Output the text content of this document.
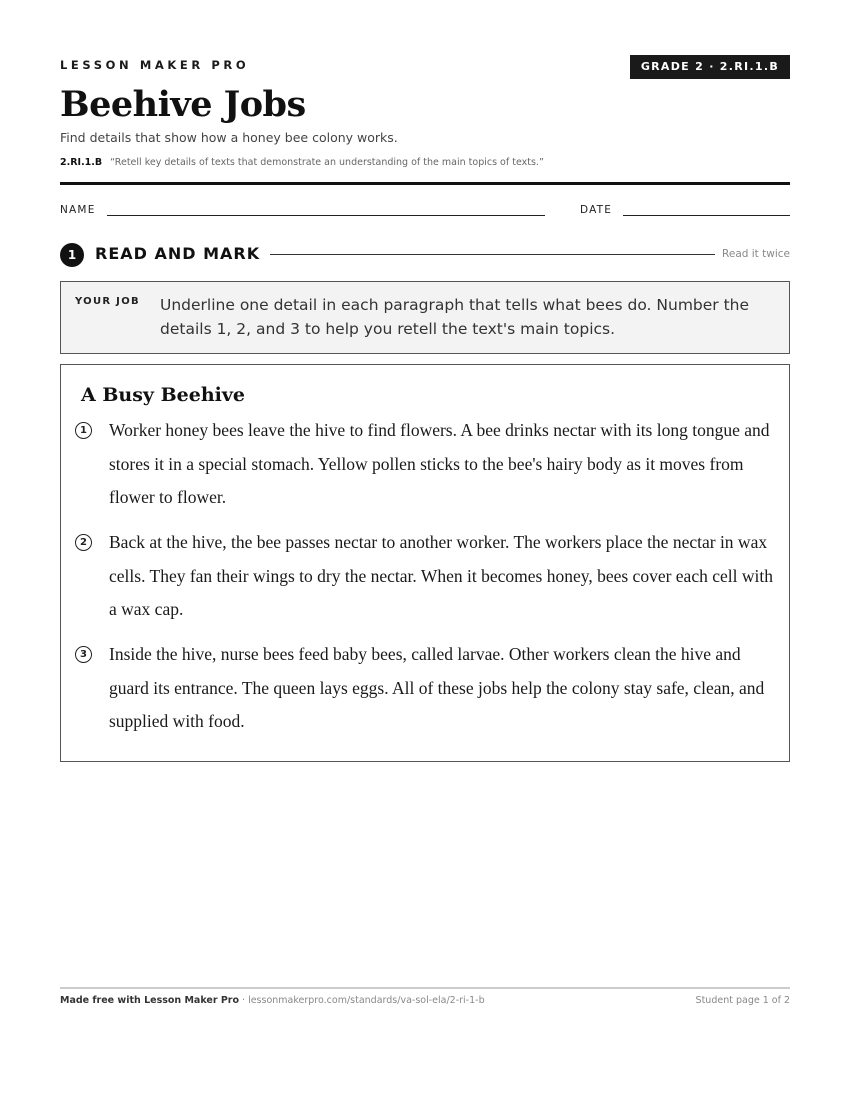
LESSON MAKER PRO	GRADE 2 · 2.RI.1.B
Beehive Jobs
Find details that show how a honey bee colony works.
2.RI.1.B “Retell key details of texts that demonstrate an understanding of the main topics of texts.”
NAME	DATE
1	READ AND MARK	Read it twice
YOUR JOB Underline one detail in each paragraph that tells what bees do. Number the details 1, 2, and 3 to help you retell the text's main topics.
A Busy Beehive
1 Worker honey bees leave the hive to find flowers. A bee drinks nectar with its long tongue and stores it in a special stomach. Yellow pollen sticks to the bee's hairy body as it moves from flower to flower.
2 Back at the hive, the bee passes nectar to another worker. The workers place the nectar in wax cells. They fan their wings to dry the nectar. When it becomes honey, bees cover each cell with a wax cap.
3 Inside the hive, nurse bees feed baby bees, called larvae. Other workers clean the hive and guard its entrance. The queen lays eggs. All of these jobs help the colony stay safe, clean, and supplied with food.
Made free with Lesson Maker Pro · lessonmakerpro.com/standards/va-sol-ela/2-ri-1-b	Student page 1 of 2
